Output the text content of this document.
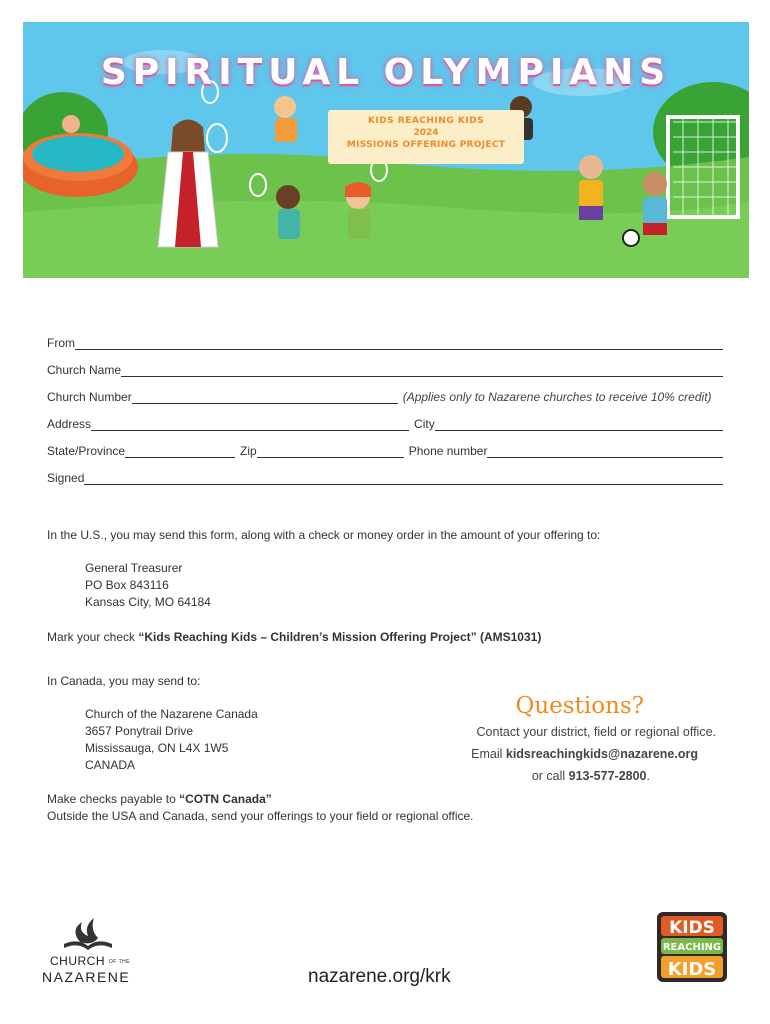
SPIRITUAL OLYMPIANS
KIDS REACHING KIDS
2024
MISSIONS OFFERING PROJECT
From
Church Name
Church Number	(Applies only to Nazarene churches to receive 10% credit)
Address	City
State/Province	Zip	Phone number
Signed
In the U.S., you may send this form, along with a check or money order in the amount of your offering to:
General Treasurer
PO Box 843116
Kansas City, MO 64184
Mark your check “Kids Reaching Kids – Children’s Mission Offering Project” (AMS1031)
In Canada, you may send to:
Church of the Nazarene Canada
3657 Ponytrail Drive
Mississauga, ON L4X 1W5
CANADA
Make checks payable to “COTN Canada”
Outside the USA and Canada, send your offerings to your field or regional office.
Questions?
Contact your district, field or regional office.
Email kidsreachingkids@nazarene.org
or call 913-577-2800.
CHURCH OF THE
NAZARENE	nazarene.org/krk
KIDS
REACHING
KIDS
